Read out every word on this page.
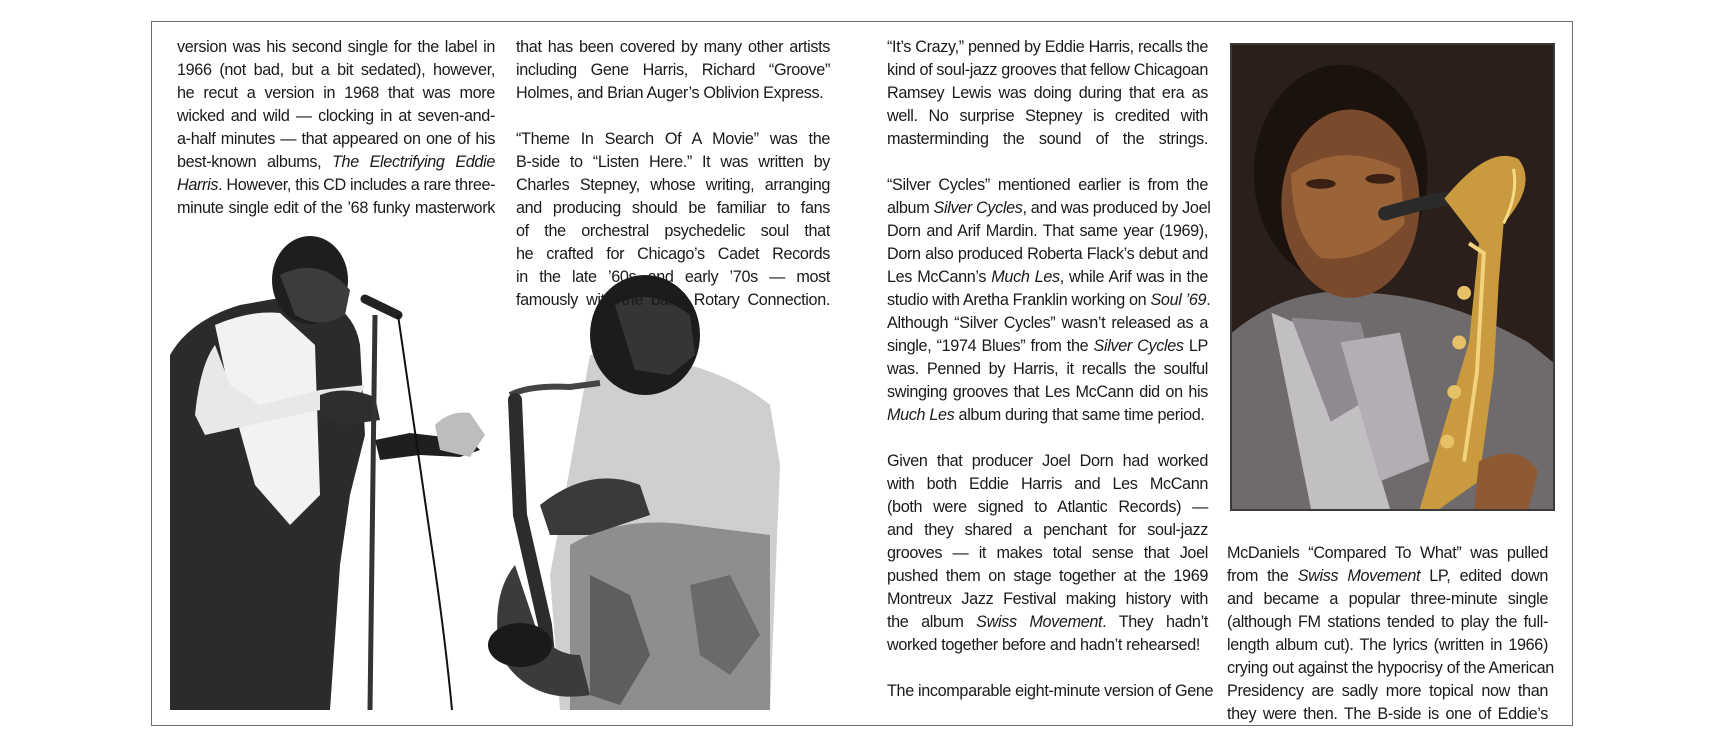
version was his second single for the label in
1966 (not bad, but a bit sedated), however,
he recut a version in 1968 that was more
wicked and wild — clocking in at seven-and-
a-half minutes — that appeared on one of his
best-known albums, The Electrifying Eddie
Harris. However, this CD includes a rare three-
minute single edit of the ’68 funky masterwork
that has been covered by many other artists
including Gene Harris, Richard “Groove”
Holmes, and Brian Auger’s Oblivion Express.
“Theme In Search Of A Movie” was the
B-side to “Listen Here.” It was written by
Charles Stepney, whose writing, arranging
and producing should be familiar to fans
of the orchestral psychedelic soul that
he crafted for Chicago’s Cadet Records
in the late ’60s and early ’70s — most
famously with the band Rotary Connection.
“It’s Crazy,” penned by Eddie Harris, recalls the
kind of soul-jazz grooves that fellow Chicagoan
Ramsey Lewis was doing during that era as
well. No surprise Stepney is credited with
masterminding the sound of the strings.
“Silver Cycles” mentioned earlier is from the
album Silver Cycles, and was produced by Joel
Dorn and Arif Mardin. That same year (1969),
Dorn also produced Roberta Flack’s debut and
Les McCann’s Much Les, while Arif was in the
studio with Aretha Franklin working on Soul ’69.
Although “Silver Cycles” wasn’t released as a
single, “1974 Blues” from the Silver Cycles LP
was. Penned by Harris, it recalls the soulful
swinging grooves that Les McCann did on his
Much Les album during that same time period.
Given that producer Joel Dorn had worked
with both Eddie Harris and Les McCann
(both were signed to Atlantic Records) —
and they shared a penchant for soul-jazz
grooves — it makes total sense that Joel
pushed them on stage together at the 1969
Montreux Jazz Festival making history with
the album Swiss Movement. They hadn’t
worked together before and hadn’t rehearsed!
The incomparable eight-minute version of Gene
McDaniels “Compared To What” was pulled
from the Swiss Movement LP, edited down
and became a popular three-minute single
(although FM stations tended to play the full-
length album cut). The lyrics (written in 1966)
crying out against the hypocrisy of the American
Presidency are sadly more topical now than
they were then. The B-side is one of Eddie’s
